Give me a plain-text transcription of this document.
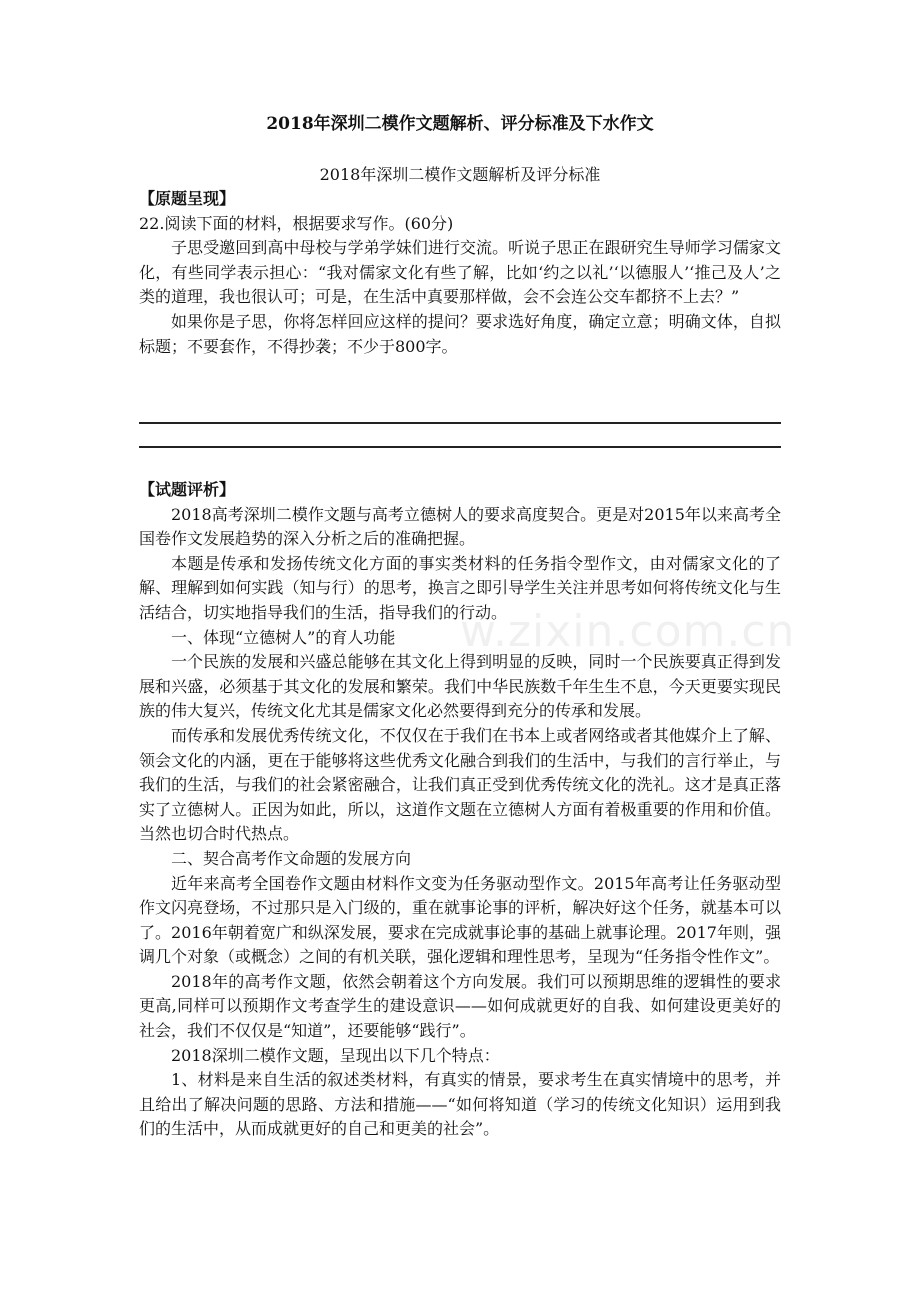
2018年深圳二模作文题解析、评分标准及下水作文
2018年深圳二模作文题解析及评分标准

【原题呈现】

22.阅读下面的材料，根据要求写作。(60分)

子思受邀回到高中母校与学弟学妹们进行交流。听说子思正在跟研究生导师学习儒家文化，有些同学表示担心：“我对儒家文化有些了解，比如‘约之以礼’‘以德服人’‘推己及人’之类的道理，我也很认可；可是，在生活中真要那样做，会不会连公交车都挤不上去？”

如果你是子思，你将怎样回应这样的提问？要求选好角度，确定立意；明确文体，自拟标题；不要套作，不得抄袭；不少于800字。

【试题评析】

2018高考深圳二模作文题与高考立德树人的要求高度契合。更是对2015年以来高考全国卷作文发展趋势的深入分析之后的准确把握。

本题是传承和发扬传统文化方面的事实类材料的任务指令型作文，由对儒家文化的了解、理解到如何实践（知与行）的思考，换言之即引导学生关注并思考如何将传统文化与生活结合，切实地指导我们的生活，指导我们的行动。

一、体现“立德树人”的育人功能

一个民族的发展和兴盛总能够在其文化上得到明显的反映，同时一个民族要真正得到发展和兴盛，必须基于其文化的发展和繁荣。我们中华民族数千年生生不息，今天更要实现民族的伟大复兴，传统文化尤其是儒家文化必然要得到充分的传承和发展。

而传承和发展优秀传统文化，不仅仅在于我们在书本上或者网络或者其他媒介上了解、领会文化的内涵，更在于能够将这些优秀文化融合到我们的生活中，与我们的言行举止，与我们的生活，与我们的社会紧密融合，让我们真正受到优秀传统文化的洗礼。这才是真正落实了立德树人。正因为如此，所以，这道作文题在立德树人方面有着极重要的作用和价值。当然也切合时代热点。

二、契合高考作文命题的发展方向

近年来高考全国卷作文题由材料作文变为任务驱动型作文。2015年高考让任务驱动型作文闪亮登场，不过那只是入门级的，重在就事论事的评析，解决好这个任务，就基本可以了。2016年朝着宽广和纵深发展，要求在完成就事论事的基础上就事论理。2017年则，强调几个对象（或概念）之间的有机关联，强化逻辑和理性思考，呈现为“任务指令性作文”。

2018年的高考作文题，依然会朝着这个方向发展。我们可以预期思维的逻辑性的要求更高,同样可以预期作文考查学生的建设意识——如何成就更好的自我、如何建设更美好的社会，我们不仅仅是“知道”，还要能够“践行”。

2018深圳二模作文题，呈现出以下几个特点：

1、材料是来自生活的叙述类材料，有真实的情景，要求考生在真实情境中的思考，并且给出了解决问题的思路、方法和措施——“如何将知道（学习的传统文化知识）运用到我们的生活中，从而成就更好的自己和更美的社会”。

w.zixin.com.cn
